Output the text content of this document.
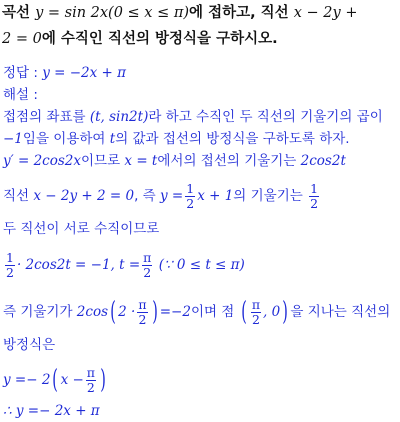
곡선 y = sin 2x(0 ≤ x ≤ π)에 접하고, 직선 x − 2y +
2 = 0에 수직인 직선의 방정식을 구하시오.
정답 : y = −2x + π
해설 :
접점의 좌표를 (t, sin2t)라 하고 수직인 두 직선의 기울기의 곱이
−1임을 이용하여 t의 값과 접선의 방정식을 구하도록 하자.
y′ = 2cos2x이므로 x = t에서의 접선의 기울기는 2cos2t
직선 x − 2y + 2 = 0, 즉 $y = \frac{1}{2}$ x + 1의 기울기는 $\frac{1}{2}$
두 직선이 서로 수직이므로
$\frac{1}{2} \cdot 2\cos 2t = -1$, $t = \frac{\pi}{2}$ (∵ 0 ≤ t ≤ π)
즉 기울기가 2cos( $2 \cdot \frac{\pi}{2}$ ) =−2이며 점 ( $\frac{\pi}{2}$ , 0) 을 지나는 직선의
방정식은
y =− 2( $x - \frac{\pi}{2}$ )
∴ y =− 2x + π
